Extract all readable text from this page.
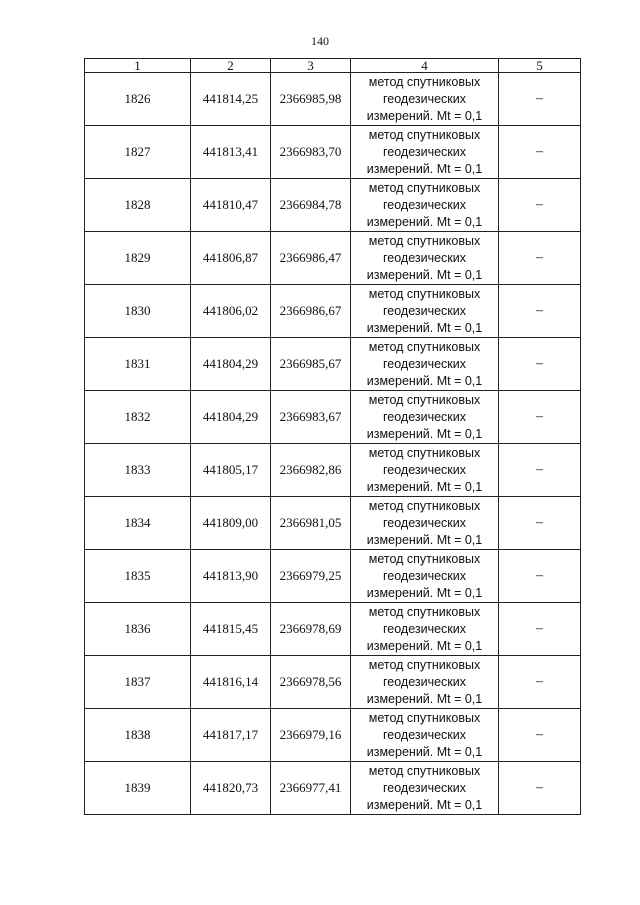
140
1	2	3	4	5
1826	441814,25	2366985,98	метод спутниковых
геодезических
измерений. Mt = 0,1	–
1827	441813,41	2366983,70	метод спутниковых
геодезических
измерений. Mt = 0,1	–
1828	441810,47	2366984,78	метод спутниковых
геодезических
измерений. Mt = 0,1	–
1829	441806,87	2366986,47	метод спутниковых
геодезических
измерений. Mt = 0,1	–
1830	441806,02	2366986,67	метод спутниковых
геодезических
измерений. Mt = 0,1	–
1831	441804,29	2366985,67	метод спутниковых
геодезических
измерений. Mt = 0,1	–
1832	441804,29	2366983,67	метод спутниковых
геодезических
измерений. Mt = 0,1	–
1833	441805,17	2366982,86	метод спутниковых
геодезических
измерений. Mt = 0,1	–
1834	441809,00	2366981,05	метод спутниковых
геодезических
измерений. Mt = 0,1	–
1835	441813,90	2366979,25	метод спутниковых
геодезических
измерений. Mt = 0,1	–
1836	441815,45	2366978,69	метод спутниковых
геодезических
измерений. Mt = 0,1	–
1837	441816,14	2366978,56	метод спутниковых
геодезических
измерений. Mt = 0,1	–
1838	441817,17	2366979,16	метод спутниковых
геодезических
измерений. Mt = 0,1	–
1839	441820,73	2366977,41	метод спутниковых
геодезических
измерений. Mt = 0,1	–
